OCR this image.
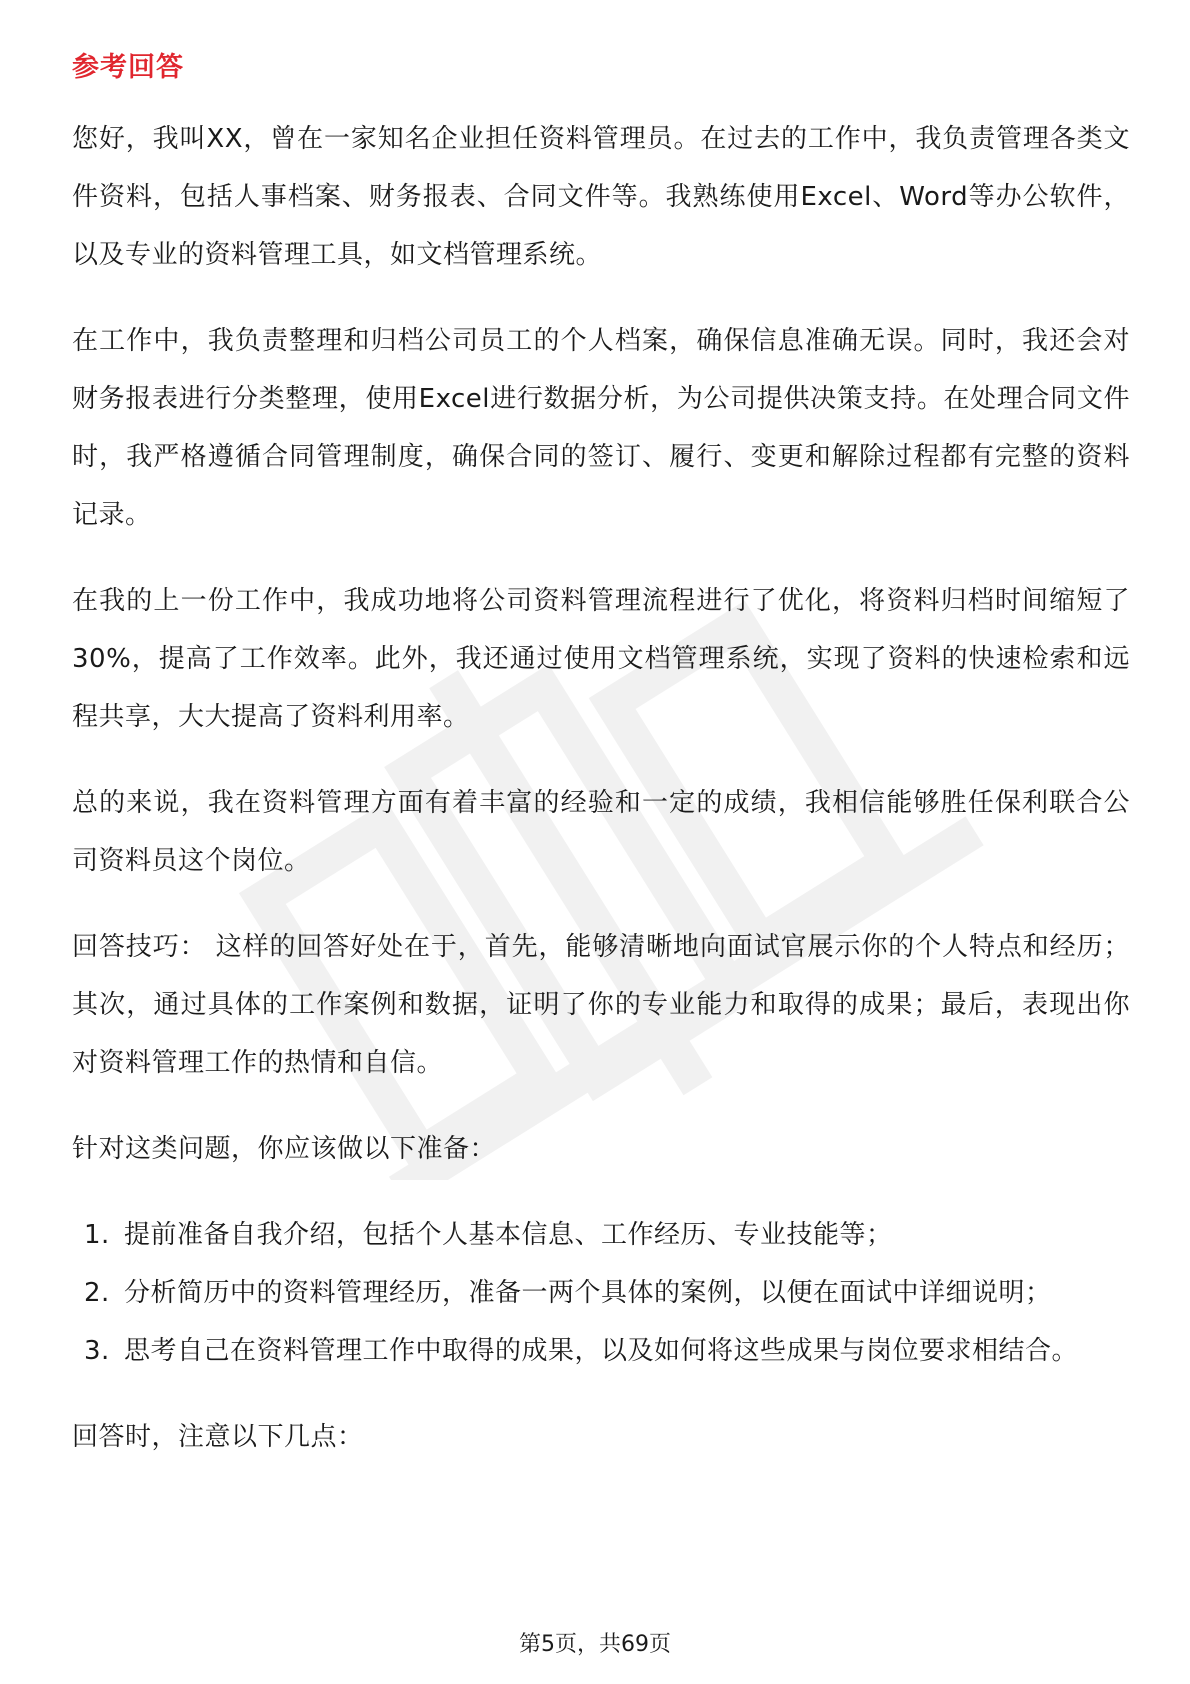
参考回答

您好，我叫XX，曾在一家知名企业担任资料管理员。在过去的工作中，我负责管理各类文件资料，包括人事档案、财务报表、合同文件等。我熟练使用Excel、Word等办公软件，以及专业的资料管理工具，如文档管理系统。

在工作中，我负责整理和归档公司员工的个人档案，确保信息准确无误。同时，我还会对财务报表进行分类整理，使用Excel进行数据分析，为公司提供决策支持。在处理合同文件时，我严格遵循合同管理制度，确保合同的签订、履行、变更和解除过程都有完整的资料记录。

在我的上一份工作中，我成功地将公司资料管理流程进行了优化，将资料归档时间缩短了30%，提高了工作效率。此外，我还通过使用文档管理系统，实现了资料的快速检索和远程共享，大大提高了资料利用率。

总的来说，我在资料管理方面有着丰富的经验和一定的成绩，我相信能够胜任保利联合公司资料员这个岗位。

回答技巧： 这样的回答好处在于，首先，能够清晰地向面试官展示你的个人特点和经历；其次，通过具体的工作案例和数据，证明了你的专业能力和取得的成果；最后，表现出你对资料管理工作的热情和自信。

针对这类问题，你应该做以下准备：

1. 提前准备自我介绍，包括个人基本信息、工作经历、专业技能等；
2. 分析简历中的资料管理经历，准备一两个具体的案例，以便在面试中详细说明；
3. 思考自己在资料管理工作中取得的成果，以及如何将这些成果与岗位要求相结合。

回答时，注意以下几点：

第5页，共69页
